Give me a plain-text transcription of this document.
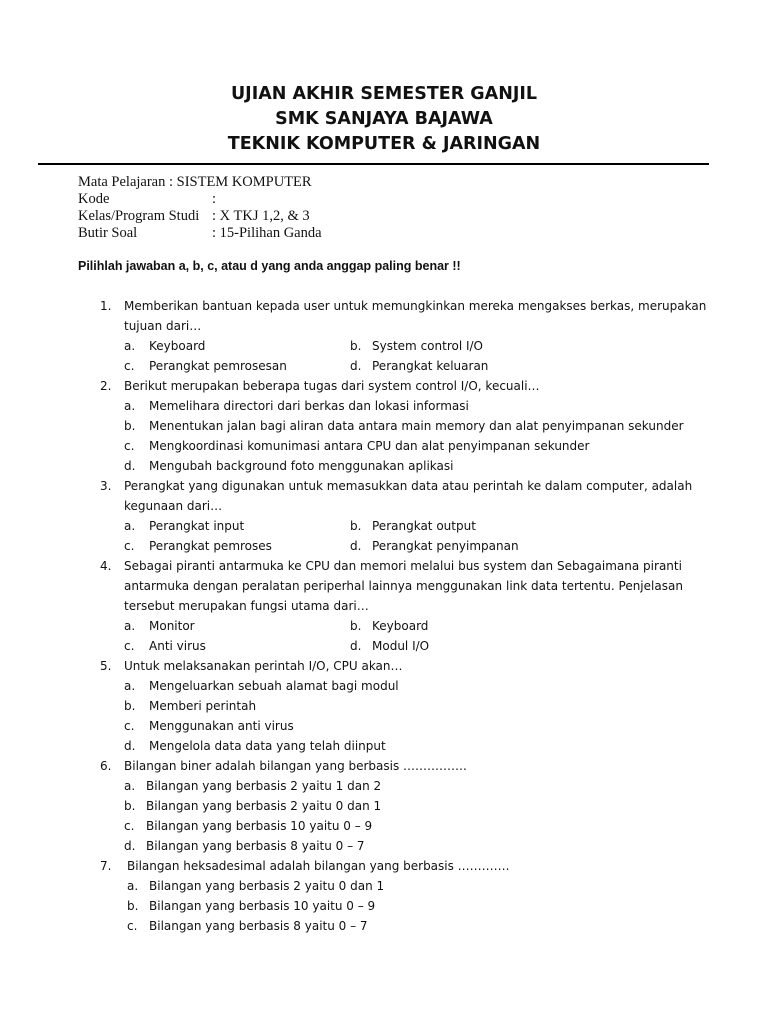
UJIAN AKHIR SEMESTER GANJIL
SMK SANJAYA BAJAWA
TEKNIK KOMPUTER & JARINGAN
Mata Pelajaran : SISTEM KOMPUTER
Kode	:
Kelas/Program Studi : X TKJ 1,2, & 3
Butir Soal	: 15-Pilihan Ganda
Pilihlah jawaban a, b, c, atau d yang anda anggap paling benar !!
1. Memberikan bantuan kepada user untuk memungkinkan mereka mengakses berkas, merupakan
tujuan dari…
a. Keyboard	b. System control I/O
c. Perangkat pemrosesan	d. Perangkat keluaran
2. Berikut merupakan beberapa tugas dari system control I/O, kecuali…
a. Memelihara directori dari berkas dan lokasi informasi
b. Menentukan jalan bagi aliran data antara main memory dan alat penyimpanan sekunder
c. Mengkoordinasi komunimasi antara CPU dan alat penyimpanan sekunder
d. Mengubah background foto menggunakan aplikasi
3. Perangkat yang digunakan untuk memasukkan data atau perintah ke dalam computer, adalah
kegunaan dari…
a. Perangkat input	b. Perangkat output
c. Perangkat pemroses	d. Perangkat penyimpanan
4. Sebagai piranti antarmuka ke CPU dan memori melalui bus system dan Sebagaimana piranti
antarmuka dengan peralatan periperhal lainnya menggunakan link data tertentu. Penjelasan
tersebut merupakan fungsi utama dari…
a. Monitor	b. Keyboard
c. Anti virus	d. Modul I/O
5. Untuk melaksanakan perintah I/O, CPU akan…
a. Mengeluarkan sebuah alamat bagi modul
b. Memberi perintah
c. Menggunakan anti virus
d. Mengelola data data yang telah diinput
6. Bilangan biner adalah bilangan yang berbasis …………….
a. Bilangan yang berbasis 2 yaitu 1 dan 2
b. Bilangan yang berbasis 2 yaitu 0 dan 1
c. Bilangan yang berbasis 10 yaitu 0 – 9
d. Bilangan yang berbasis 8 yaitu 0 – 7
7. Bilangan heksadesimal adalah bilangan yang berbasis ………….
a. Bilangan yang berbasis 2 yaitu 0 dan 1
b. Bilangan yang berbasis 10 yaitu 0 – 9
c. Bilangan yang berbasis 8 yaitu 0 – 7
